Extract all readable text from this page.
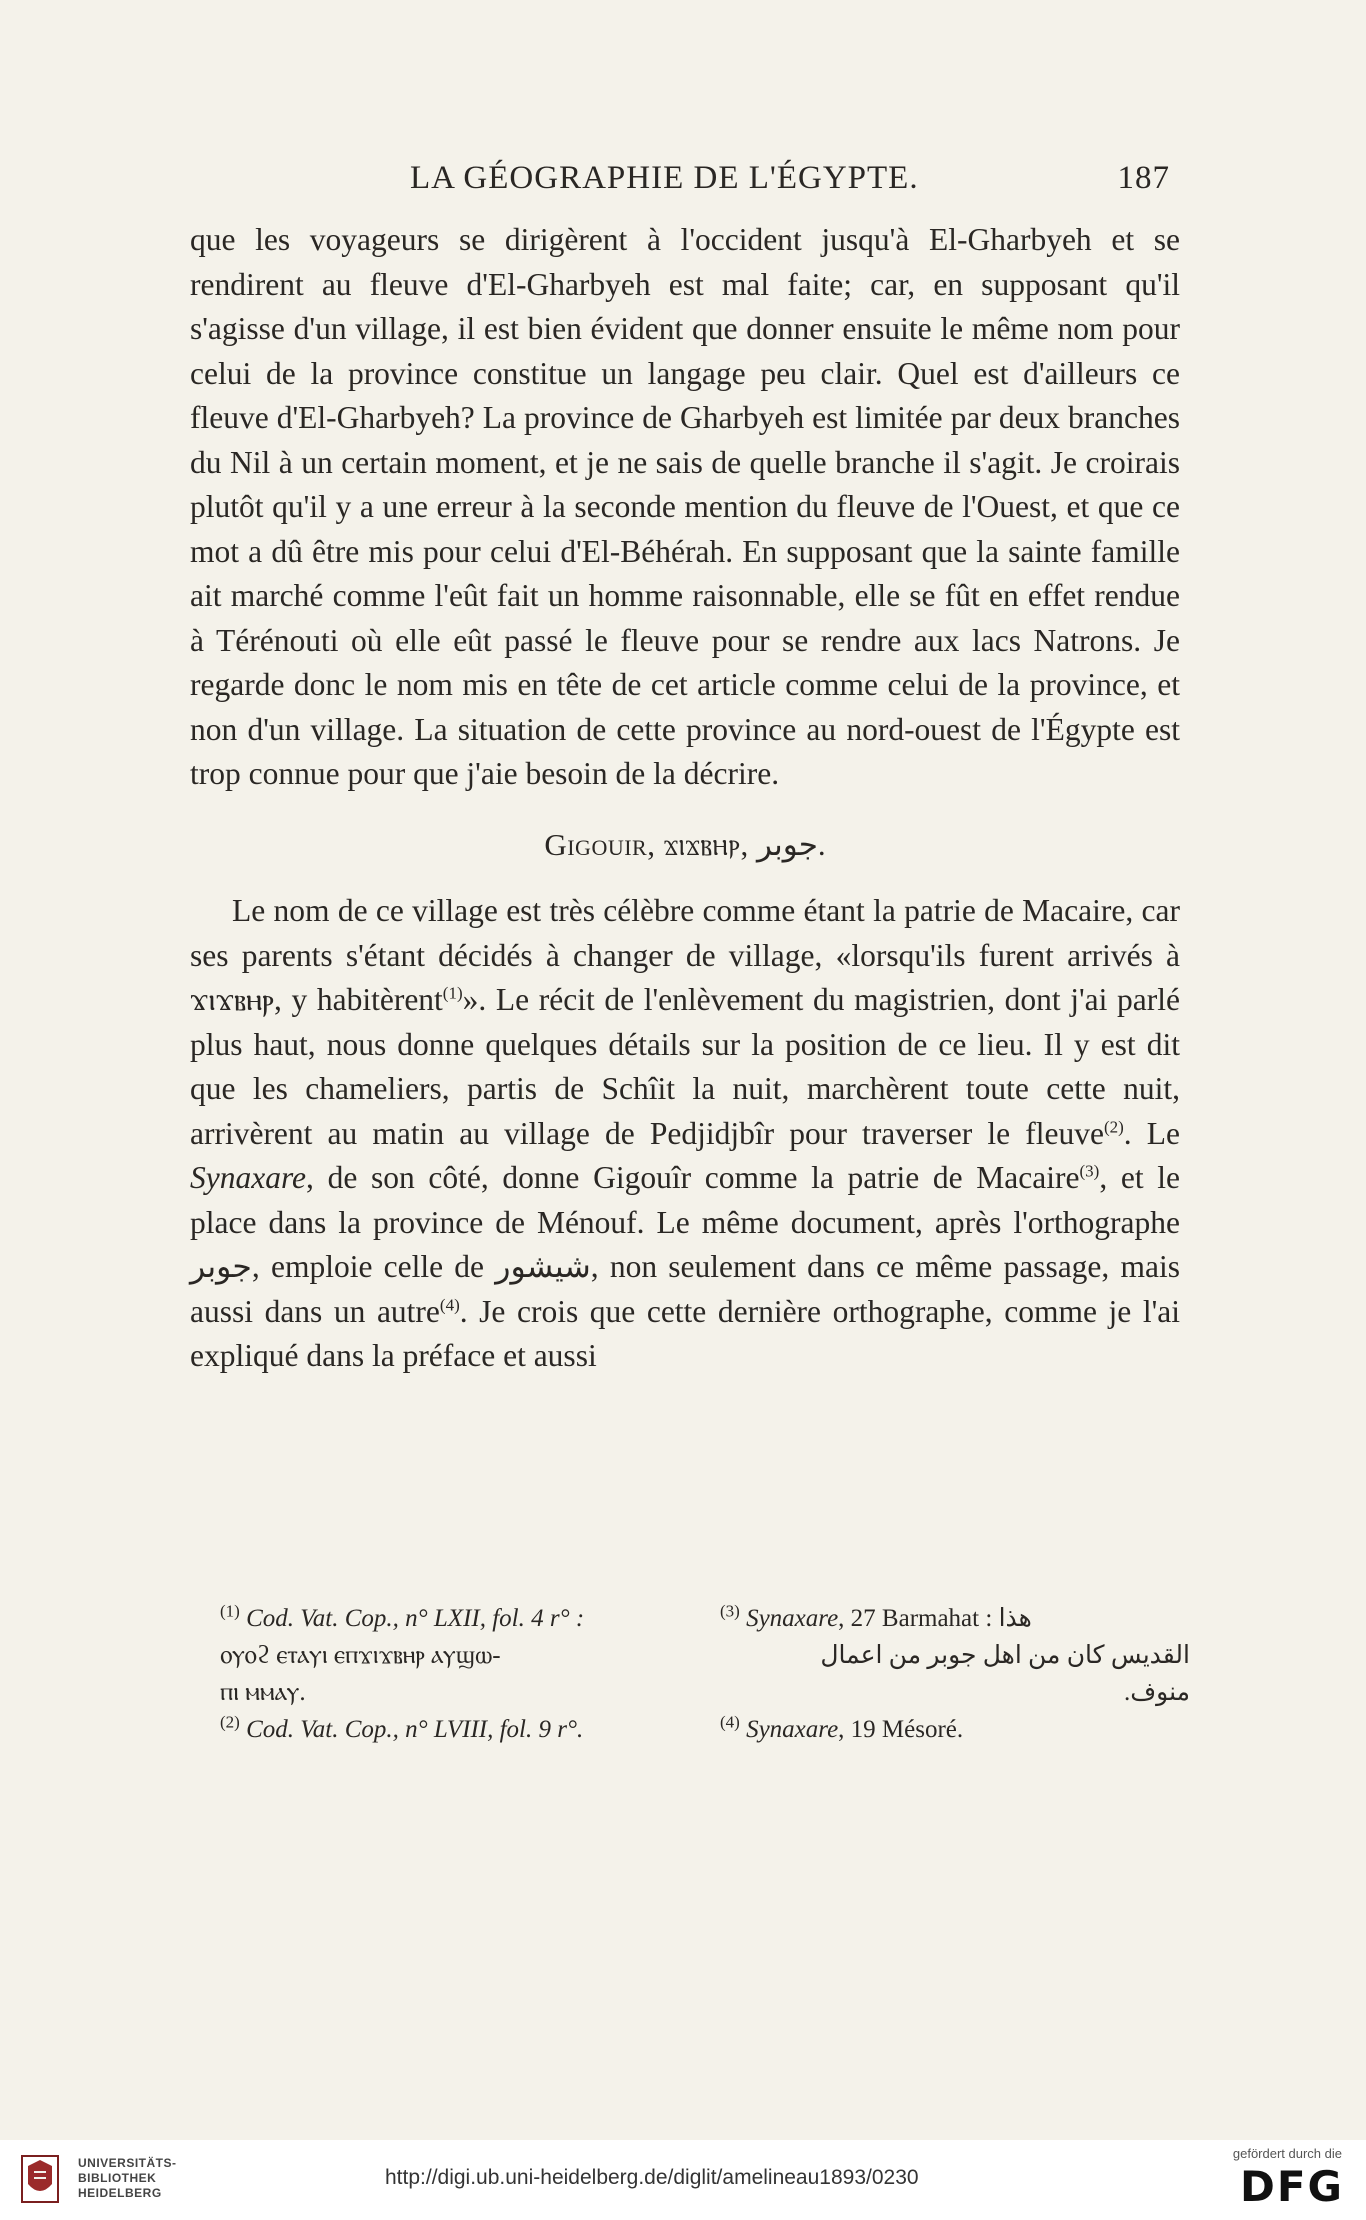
LA GÉOGRAPHIE DE L'ÉGYPTE.	187

que les voyageurs se dirigèrent à l'occident jusqu'à El-Gharbyeh et se rendirent au fleuve d'El-Gharbyeh est mal faite; car, en supposant qu'il s'agisse d'un village, il est bien évident que donner ensuite le même nom pour celui de la province constitue un langage peu clair. Quel est d'ailleurs ce fleuve d'El-Gharbyeh? La province de Gharbyeh est limitée par deux branches du Nil à un certain moment, et je ne sais de quelle branche il s'agit. Je croirais plutôt qu'il y a une erreur à la seconde mention du fleuve de l'Ouest, et que ce mot a dû être mis pour celui d'El-Béhérah. En supposant que la sainte famille ait marché comme l'eût fait un homme raisonnable, elle se fût en effet rendue à Térénouti où elle eût passé le fleuve pour se rendre aux lacs Natrons. Je regarde donc le nom mis en tête de cet article comme celui de la province, et non d'un village. La situation de cette province au nord-ouest de l'Égypte est trop connue pour que j'aie besoin de la décrire.

Gigouir, ϫⲓϫⲃⲏⲣ, جوبر.

Le nom de ce village est très célèbre comme étant la patrie de Macaire, car ses parents s'étant décidés à changer de village, «lorsqu'ils furent arrivés à ϫⲓϫⲃⲏⲣ, y habitèrent$^{(1)}$». Le récit de l'enlèvement du magistrien, dont j'ai parlé plus haut, nous donne quelques détails sur la position de ce lieu. Il y est dit que les chameliers, partis de Schîit la nuit, marchèrent toute cette nuit, arrivèrent au matin au village de Pedjidjbîr pour traverser le fleuve$^{(2)}$. Le Synaxare, de son côté, donne Gigouîr comme la patrie de Macaire$^{(3)}$, et le place dans la province de Ménouf. Le même document, après l'orthographe جوبر, emploie celle de شيشور, non seulement dans ce même passage, mais aussi dans un autre$^{(4)}$. Je crois que cette dernière orthographe, comme je l'ai expliqué dans la préface et aussi

$^{(1)}$ Cod. Vat. Cop., n° LXII, fol. 4 r° :
ⲟⲩⲟϩ ⲉⲧⲁⲩⲓ ⲉⲡϫⲓϫⲃⲏⲣ ⲁⲩϣⲱ-
ⲡⲓ ⲙⲙⲁⲩ.
$^{(2)}$ Cod. Vat. Cop., n° LVIII, fol. 9 r°.
$^{(3)}$ Synaxare, 27 Barmahat : هذا
القديس كان من اهل جوبر من اعمال
منوف.
$^{(4)}$ Synaxare, 19 Mésoré.
UNIVERSITÄTS-
BIBLIOTHEK
HEIDELBERG
http://digi.ub.uni-heidelberg.de/diglit/amelineau1893/0230
gefördert durch die
DFG
